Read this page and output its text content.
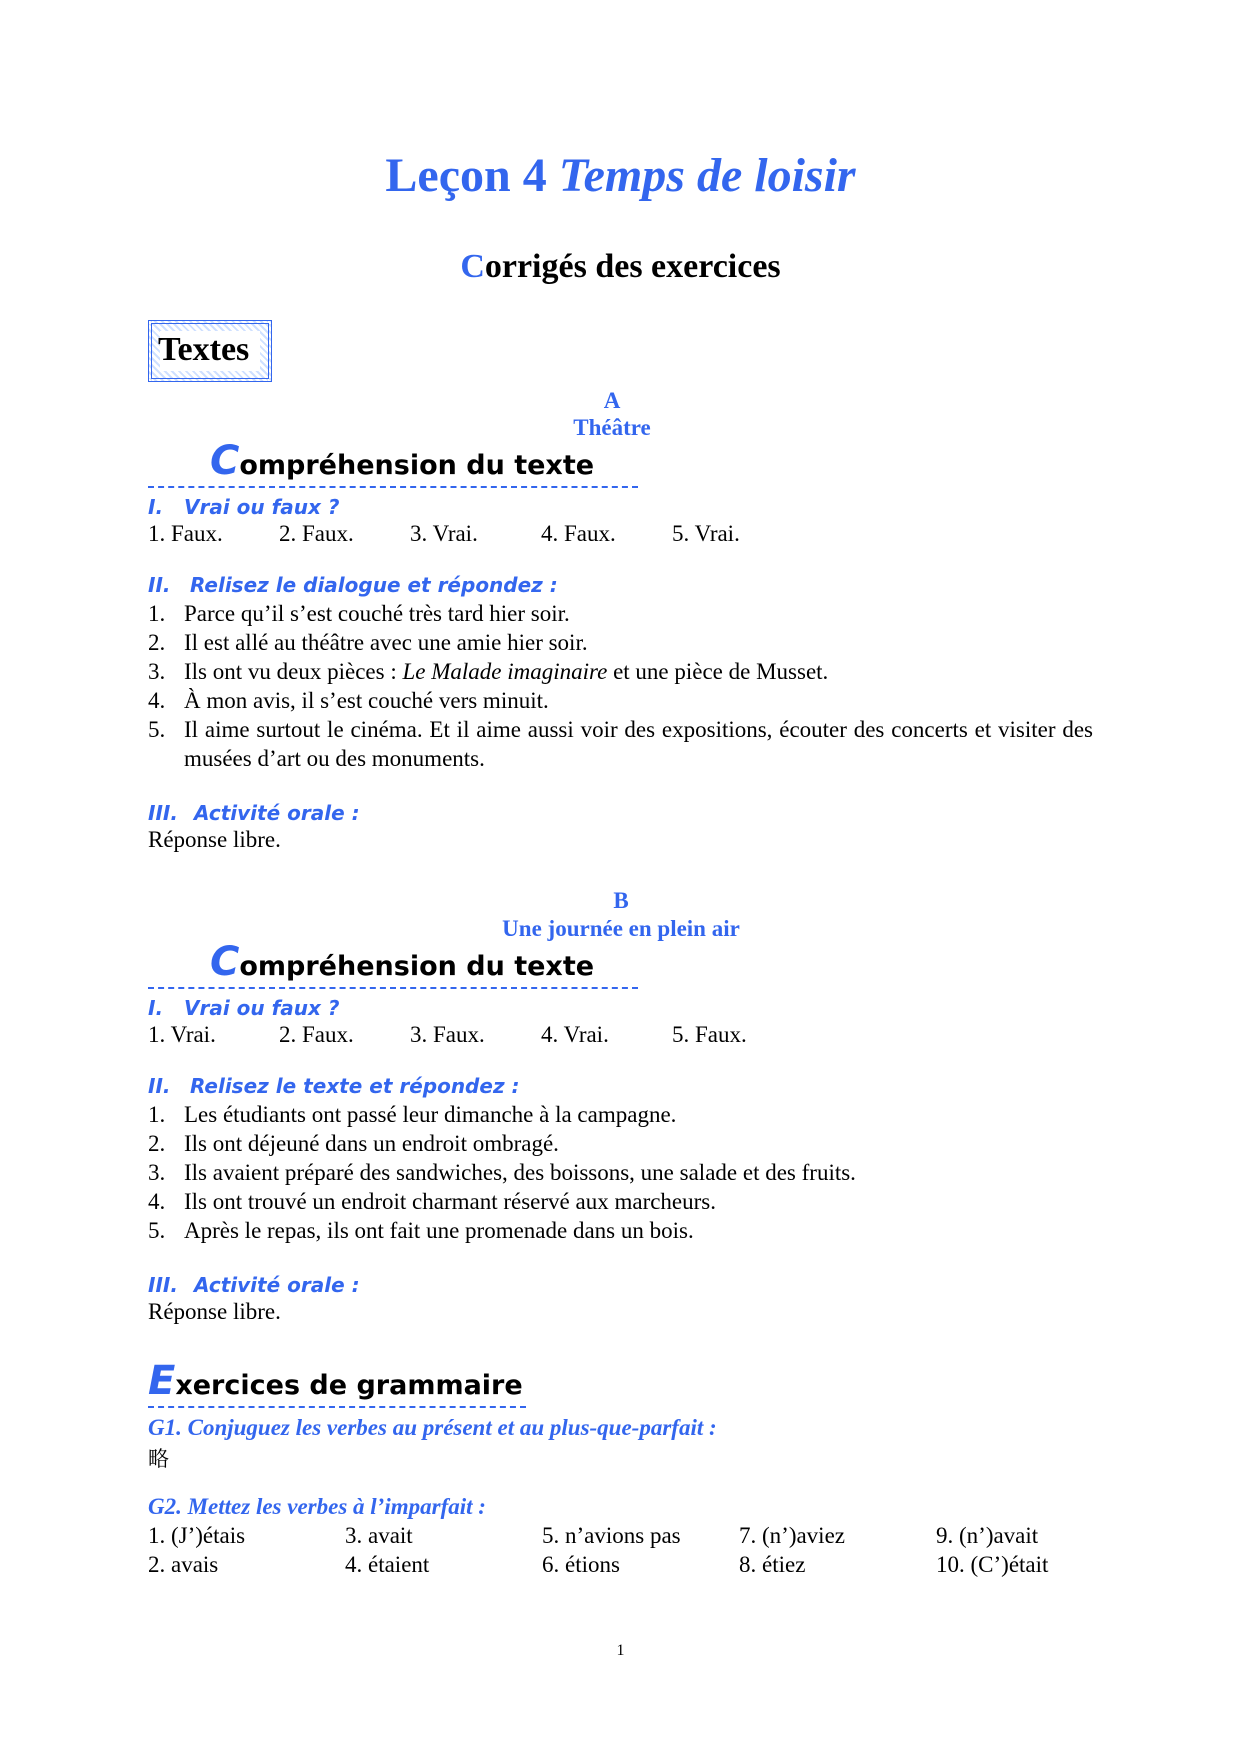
Leçon 4 Temps de loisir
Corrigés des exercices
Textes
A
Théâtre
Compréhension du texte
I. Vrai ou faux ?
1. Faux. 2. Faux. 3. Vrai.	4. Faux. 5. Vrai.
II. Relisez le dialogue et répondez :
1. Parce qu’il s’est couché très tard hier soir.
2. Il est allé au théâtre avec une amie hier soir.
3. Ils ont vu deux pièces : Le Malade imaginaire et une pièce de Musset.
4. À mon avis, il s’est couché vers minuit.
5. Il aime surtout le cinéma. Et il aime aussi voir des expositions, écouter des concerts et visiter des musées d’art ou des monuments.
III. Activité orale :
Réponse libre.
B
Une journée en plein air
Compréhension du texte
I. Vrai ou faux ?
1. Vrai.	2. Faux. 3. Faux. 4. Vrai.	5. Faux.
II. Relisez le texte et répondez :
1. Les étudiants ont passé leur dimanche à la campagne.
2. Ils ont déjeuné dans un endroit ombragé.
3. Ils avaient préparé des sandwiches, des boissons, une salade et des fruits.
4. Ils ont trouvé un endroit charmant réservé aux marcheurs.
5. Après le repas, ils ont fait une promenade dans un bois.
III. Activité orale :
Réponse libre.
Exercices de grammaire
G1. Conjuguez les verbes au présent et au plus-que-parfait :
略
G2. Mettez les verbes à l’imparfait :
1. (J’)étais	3. avait	5. n’avions pas	7. (n’)aviez	9. (n’)avait
2. avais	4. étaient	6. étions	8. étiez	10. (C’)était
1
